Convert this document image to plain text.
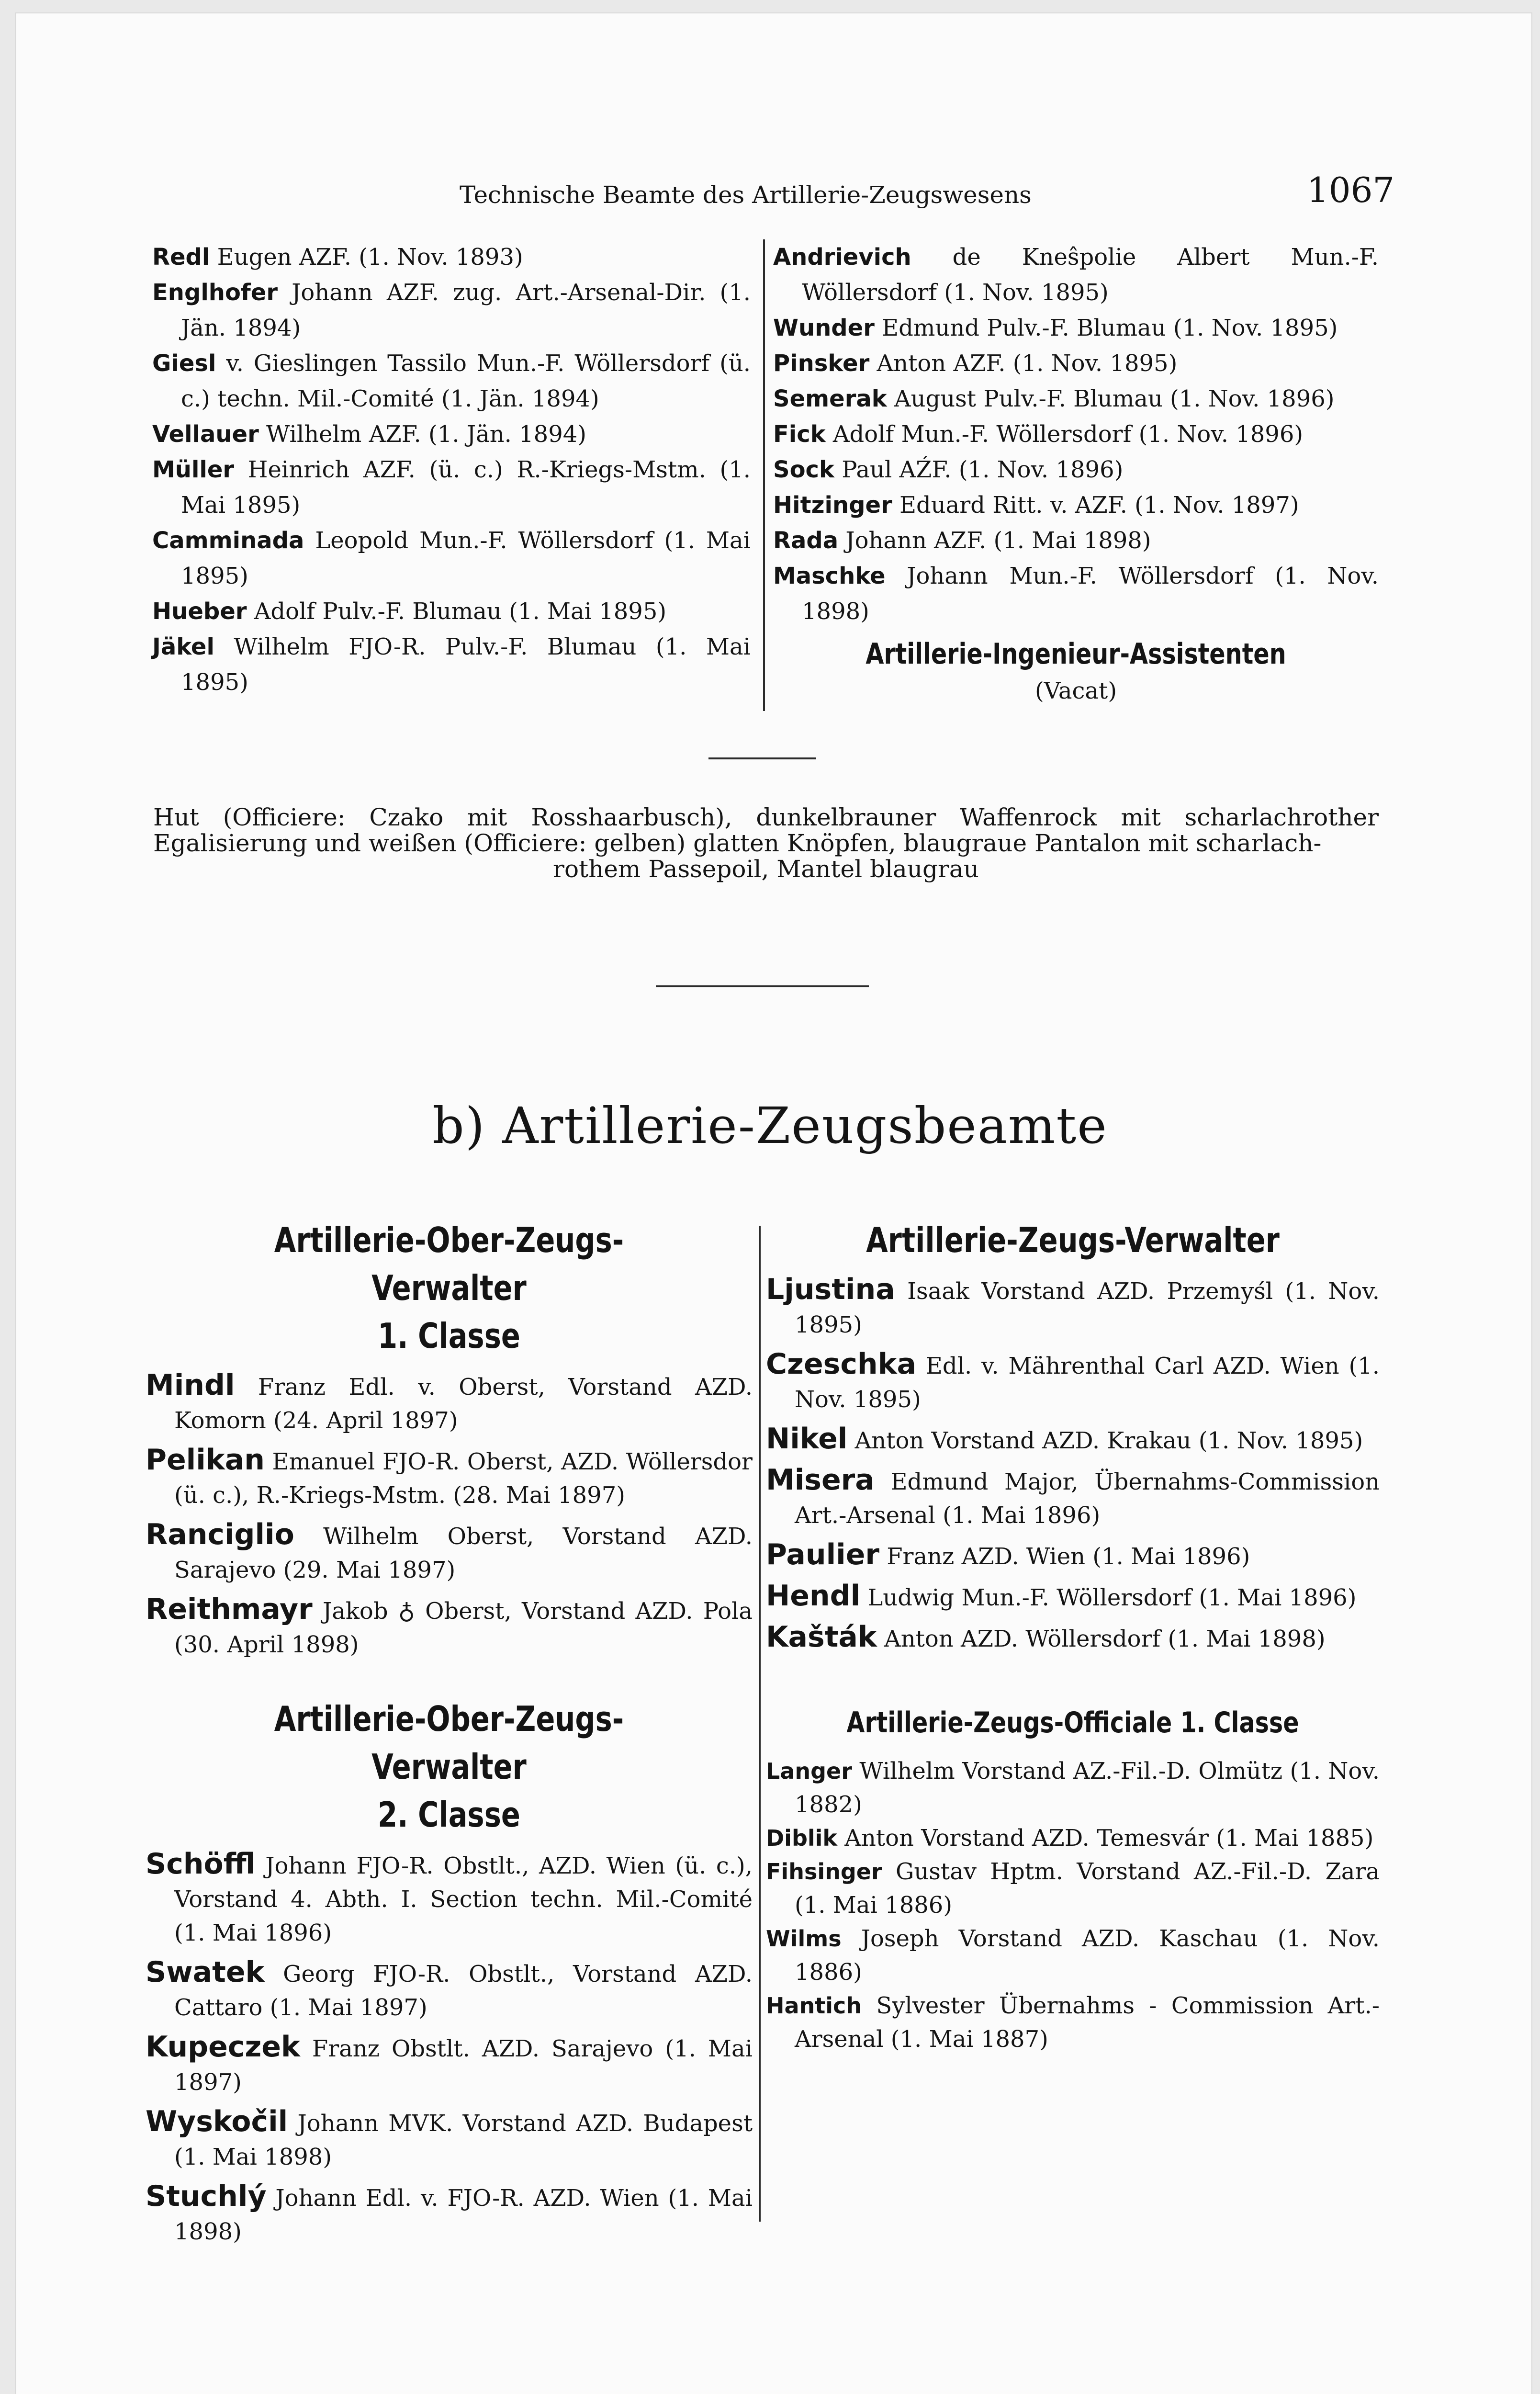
Technische Beamte des Artillerie-Zeugswesens	1067

Redl Eugen AZF. (1. Nov. 1893)

Englhofer Johann AZF. zug. Art.-Arsenal-Dir. (1. Jän. 1894)

Giesl v. Gieslingen Tassilo Mun.-F. Wöllersdorf (ü. c.) techn. Mil.-Comité (1. Jän. 1894)

Vellauer Wilhelm AZF. (1. Jän. 1894)

Müller Heinrich AZF. (ü. c.) R.-Kriegs-Mstm. (1. Mai 1895)

Camminada Leopold Mun.-F. Wöllersdorf (1. Mai 1895)

Hueber Adolf Pulv.-F. Blumau (1. Mai 1895)

Jäkel Wilhelm FJO-R. Pulv.-F. Blumau (1. Mai 1895)

Andrievich de Kneŝpolie Albert Mun.-F. Wöllersdorf (1. Nov. 1895)

Wunder Edmund Pulv.-F. Blumau (1. Nov. 1895)

Pinsker Anton AZF. (1. Nov. 1895)

Semerak August Pulv.-F. Blumau (1. Nov. 1896)

Fick Adolf Mun.-F. Wöllersdorf (1. Nov. 1896)

Sock Paul AŹF. (1. Nov. 1896)

Hitzinger Eduard Ritt. v. AZF. (1. Nov. 1897)

Rada Johann AZF. (1. Mai 1898)

Maschke Johann Mun.-F. Wöllersdorf (1. Nov. 1898)

Artillerie-Ingenieur-Assistenten
(Vacat)
Hut (Officiere: Czako mit Rosshaarbusch), dunkelbrauner Waffenrock mit scharlachrother Egalisierung und weißen (Officiere: gelben) glatten Knöpfen, blaugraue Pantalon mit scharlach-
rothem Passepoil, Mantel blaugrau
b) Artillerie-Zeugsbeamte
Artillerie-Ober-Zeugs-Verwalter
1. Classe

Mindl Franz Edl. v. Oberst, Vorstand AZD. Komorn (24. April 1897)

Pelikan Emanuel FJO-R. Oberst, AZD. Wöllersdor (ü. c.), R.-Kriegs-Mstm. (28. Mai 1897)

Ranciglio Wilhelm Oberst, Vorstand AZD. Sarajevo (29. Mai 1897)

Reithmayr Jakob ♁ Oberst, Vorstand AZD. Pola (30. April 1898)

Artillerie-Ober-Zeugs-Verwalter
2. Classe

Schöffl Johann FJO-R. Obstlt., AZD. Wien (ü. c.), Vorstand 4. Abth. I. Section techn. Mil.-Comité (1. Mai 1896)

Swatek Georg FJO-R. Obstlt., Vorstand AZD. Cattaro (1. Mai 1897)

Kupeczek Franz Obstlt. AZD. Sarajevo (1. Mai 1897)

Wyskočil Johann MVK. Vorstand AZD. Budapest (1. Mai 1898)

Stuchlý Johann Edl. v. FJO-R. AZD. Wien (1. Mai 1898)

Artillerie-Zeugs-Verwalter

Ljustina Isaak Vorstand AZD. Przemyśl (1. Nov. 1895)

Czeschka Edl. v. Mährenthal Carl AZD. Wien (1. Nov. 1895)

Nikel Anton Vorstand AZD. Krakau (1. Nov. 1895)

Misera Edmund Major, Übernahms-Commission Art.-Arsenal (1. Mai 1896)

Paulier Franz AZD. Wien (1. Mai 1896)

Hendl Ludwig Mun.-F. Wöllersdorf (1. Mai 1896)

Kašták Anton AZD. Wöllersdorf (1. Mai 1898)

Artillerie-Zeugs-Officiale 1. Classe

Langer Wilhelm Vorstand AZ.-Fil.-D. Olmütz (1. Nov. 1882)

Diblik Anton Vorstand AZD. Temesvár (1. Mai 1885)

Fihsinger Gustav Hptm. Vorstand AZ.-Fil.-D. Zara (1. Mai 1886)

Wilms Joseph Vorstand AZD. Kaschau (1. Nov. 1886)

Hantich Sylvester Übernahms - Commission Art.-Arsenal (1. Mai 1887)
